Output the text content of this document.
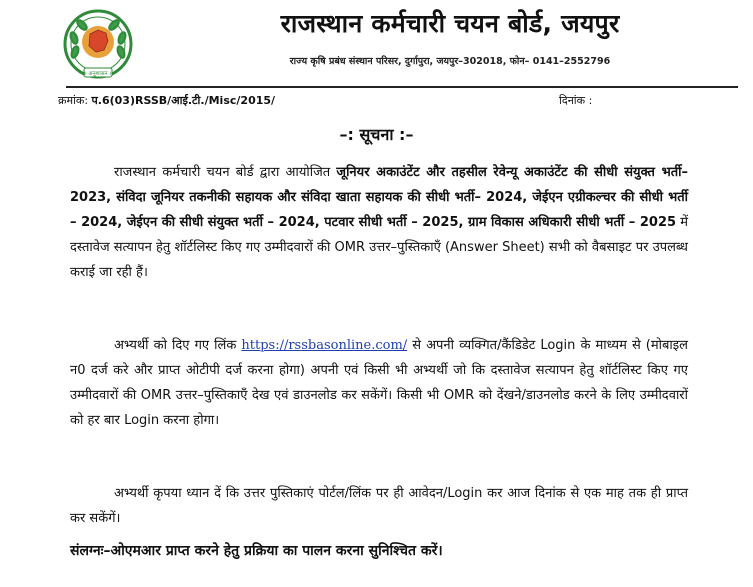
॥ अनुशासन ॥
राजस्थान कर्मचारी चयन बोर्ड, जयपुर
राज्य कृषि प्रबंध संस्थान परिसर, दुर्गापुरा, जयपुर–302018, फोन– 0141–2552796
क्रमांक: प.6(03)RSSB/आई.टी./Misc/2015/	दिनांक :
–: सूचना :–

राजस्थान कर्मचारी चयन बोर्ड द्वारा आयोजित जूनियर अकाउंटेंट और तहसील रेवेन्यू अकाउंटेंट की सीधी संयुक्त भर्ती– 2023, संविदा जूनियर तकनीकी सहायक और संविदा खाता सहायक की सीधी भर्ती– 2024, जेईएन एग्रीकल्चर की सीधी भर्ती – 2024, जेईएन की सीधी संयुक्त भर्ती – 2024, पटवार सीधी भर्ती – 2025, ग्राम विकास अधिकारी सीधी भर्ती – 2025 में दस्तावेज सत्यापन हेतु शॉर्टलिस्ट किए गए उम्मीदवारों की OMR उत्तर–पुस्तिकाएँ (Answer Sheet) सभी को वैबसाइट पर उपलब्ध कराई जा रही हैं।

अभ्यर्थी को दिए गए लिंक https://rssbasonline.com/ से अपनी व्यक्गित/कैंडिडेट Login के माध्यम से (मोबाइल न0 दर्ज करे और प्राप्त ओटीपी दर्ज करना होगा) अपनी एवं किसी भी अभ्यर्थी जो कि दस्तावेज सत्यापन हेतु शॉर्टलिस्ट किए गए उम्मीदवारों की OMR उत्तर–पुस्तिकाएँ देख एवं डाउनलोड कर सकेंगें। किसी भी OMR को देंखने/डाउनलोड करने के लिए उम्मीदवारों को हर बार Login करना होगा।

अभ्यर्थी कृपया ध्यान दें कि उत्तर पुस्तिकाएं पोर्टल/लिंक पर ही आवेदन/Login कर आज दिनांक से एक माह तक ही प्राप्त कर सकेंगें।

संलग्नः–ओएमआर प्राप्त करने हेतु प्रक्रिया का पालन करना सुनिश्चित करें।
